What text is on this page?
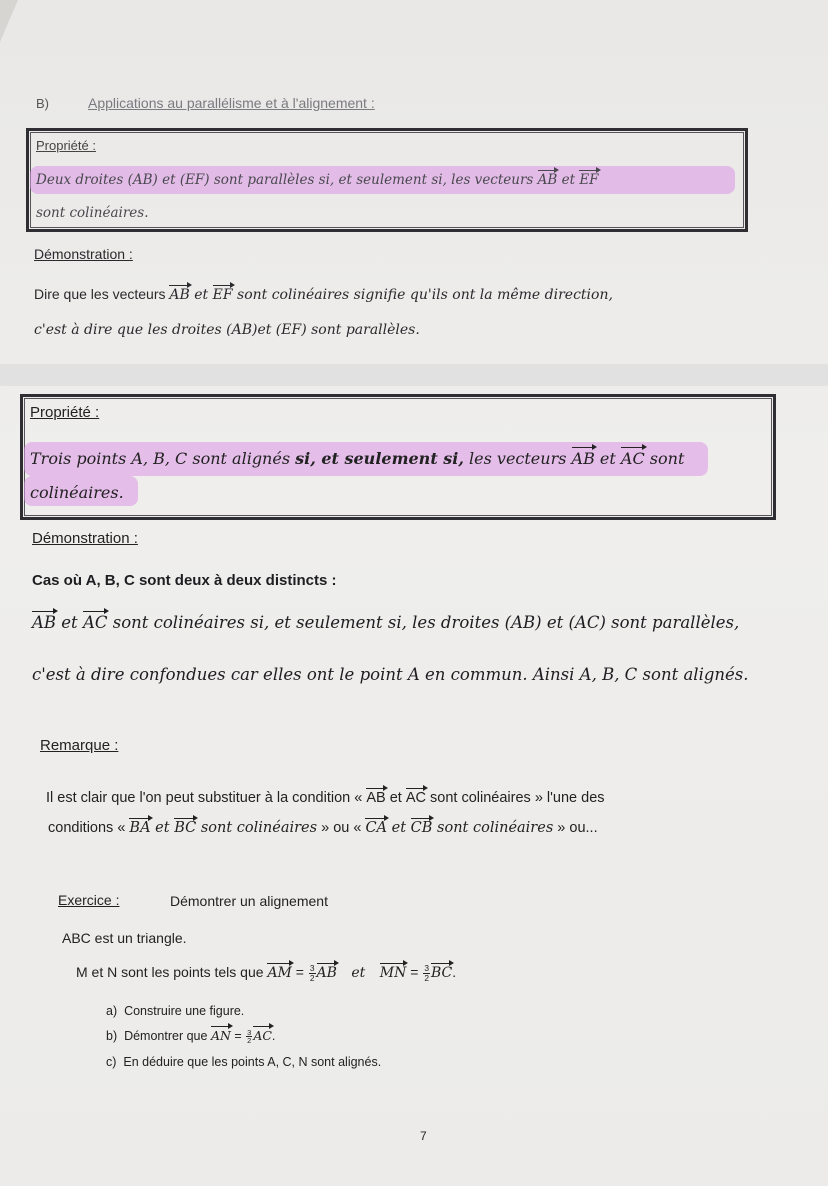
B)	Applications au parallélisme et à l'alignement :
Propriété :
Deux droites (AB) et (EF) sont parallèles si, et seulement si, les vecteurs AB et EF
sont colinéaires.
Démonstration :
Dire que les vecteurs AB et EF sont colinéaires signifie qu'ils ont la même direction,
c'est à dire que les droites (AB)et (EF) sont parallèles.
Propriété :
Trois points A, B, C sont alignés si, et seulement si, les vecteurs AB et AC sont
colinéaires.
Démonstration :
Cas où A, B, C sont deux à deux distincts :
AB et AC sont colinéaires si, et seulement si, les droites (AB) et (AC) sont parallèles,
c'est à dire confondues car elles ont le point A en commun. Ainsi A, B, C sont alignés.
Remarque :
Il est clair que l'on peut substituer à la condition « AB et AC sont colinéaires » l'une des
conditions « BA et BC sont colinéaires » ou « CA et CB sont colinéaires » ou...
Exercice :	Démontrer un alignement
ABC est un triangle.
M et N sont les points tels que AM = $\frac{3}{2}$ AB et MN = $\frac{3}{2}$ BC.
a) Construire une figure.
b) Démontrer que AN = $\frac{3}{2}$ AC.
c) En déduire que les points A, C, N sont alignés.
7
